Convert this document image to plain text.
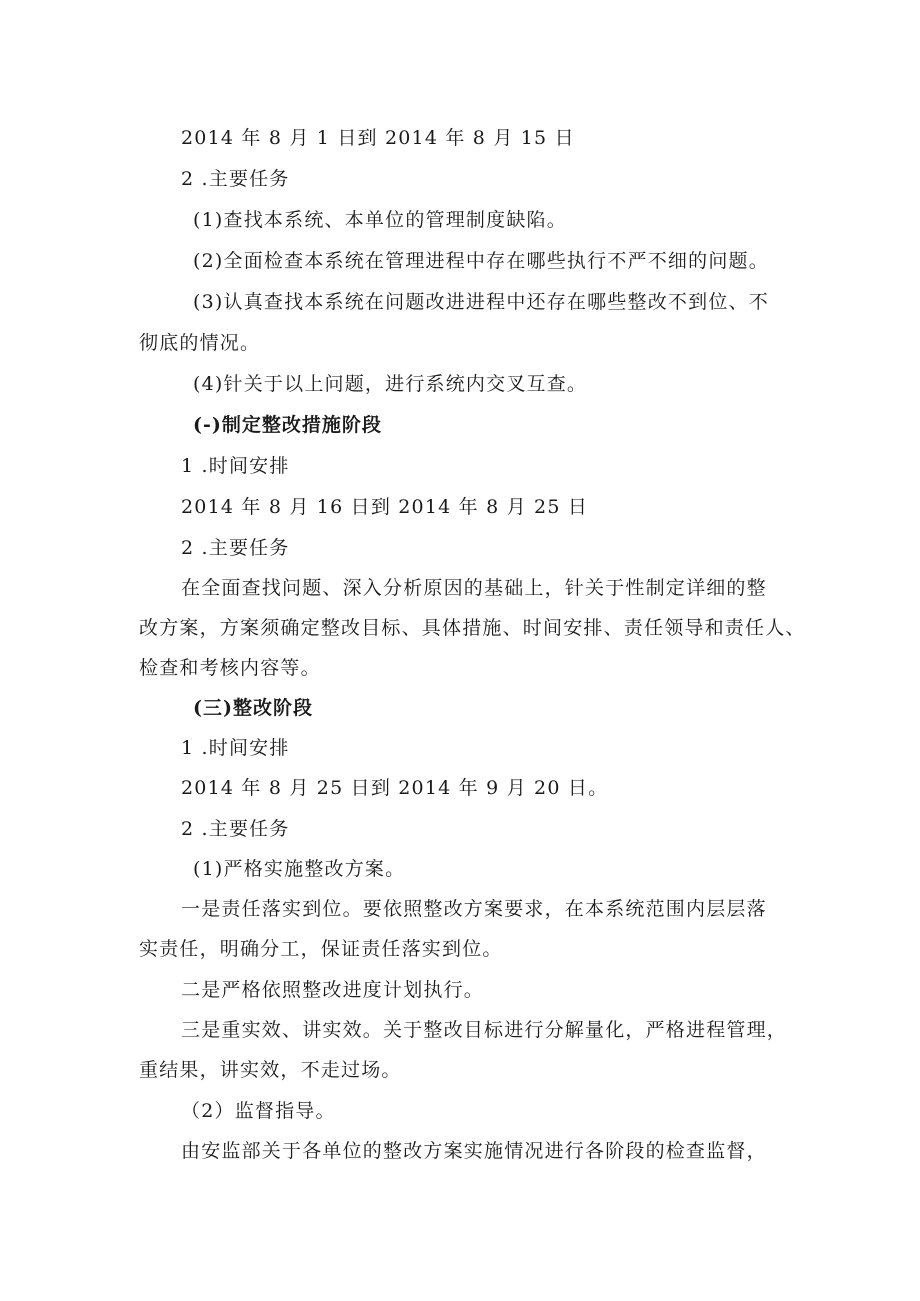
2014 年 8 月 1 日到 2014 年 8 月 15 日
2 .主要任务
(1)查找本系统、本单位的管理制度缺陷。
(2)全面检查本系统在管理进程中存在哪些执行不严不细的问题。
(3)认真查找本系统在问题改进进程中还存在哪些整改不到位、不
彻底的情况。
(4)针关于以上问题，进行系统内交叉互查。
(-)制定整改措施阶段
1 .时间安排
2014 年 8 月 16 日到 2014 年 8 月 25 日
2 .主要任务
在全面查找问题、深入分析原因的基础上，针关于性制定详细的整
改方案，方案须确定整改目标、具体措施、时间安排、责任领导和责任人、
检查和考核内容等。
(三)整改阶段
1 .时间安排
2014 年 8 月 25 日到 2014 年 9 月 20 日。
2 .主要任务
(1)严格实施整改方案。
一是责任落实到位。要依照整改方案要求，在本系统范围内层层落
实责任，明确分工，保证责任落实到位。
二是严格依照整改进度计划执行。
三是重实效、讲实效。关于整改目标进行分解量化，严格进程管理，
重结果，讲实效，不走过场。
（2）监督指导。
由安监部关于各单位的整改方案实施情况进行各阶段的检查监督，
